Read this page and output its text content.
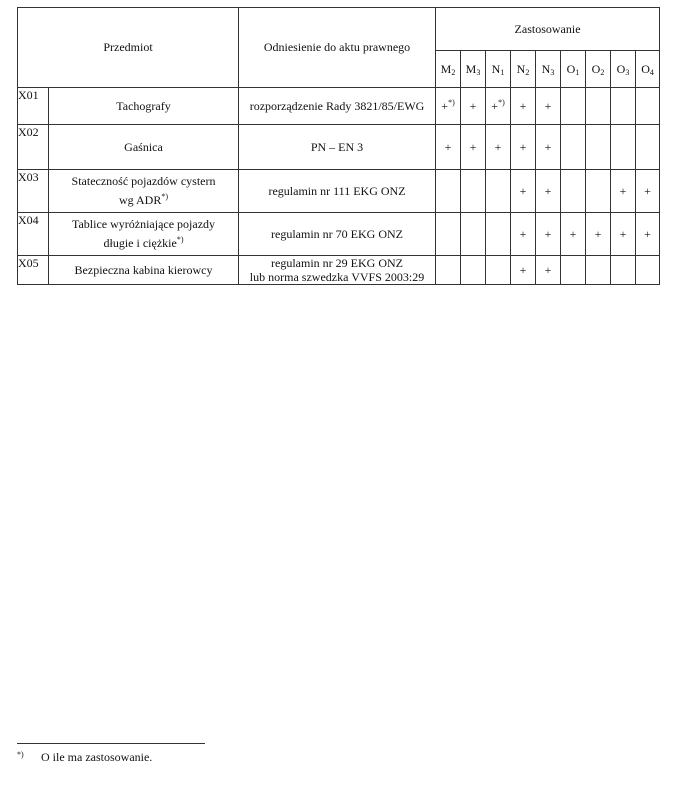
Przedmiot		Odniesienie do aktu prawnego	Zastosowanie								
			$M_2$	$M_3$	$N_1$	$N_2$	$N_3$	$O_1$	$O_2$	$O_3$	$O_4$
X01	Tachografy	rozporządzenie Rady 3821/85/EWG	+*)	+	+*)	+	+				
X02	Gaśnica	PN – EN 3	+	+	+	+	+				
X03	Stateczność pojazdów cystern
wg ADR*)	regulamin nr 111 EKG ONZ				+	+			+	+
X04	Tablice wyróżniające pojazdy
długie i ciężkie*)	regulamin nr 70 EKG ONZ				+	+	+	+	+	+
X05	Bezpieczna kabina kierowcy	regulamin nr 29 EKG ONZ
lub norma szwedzka VVFS 2003:29				+	+				
*) O ile ma zastosowanie.
